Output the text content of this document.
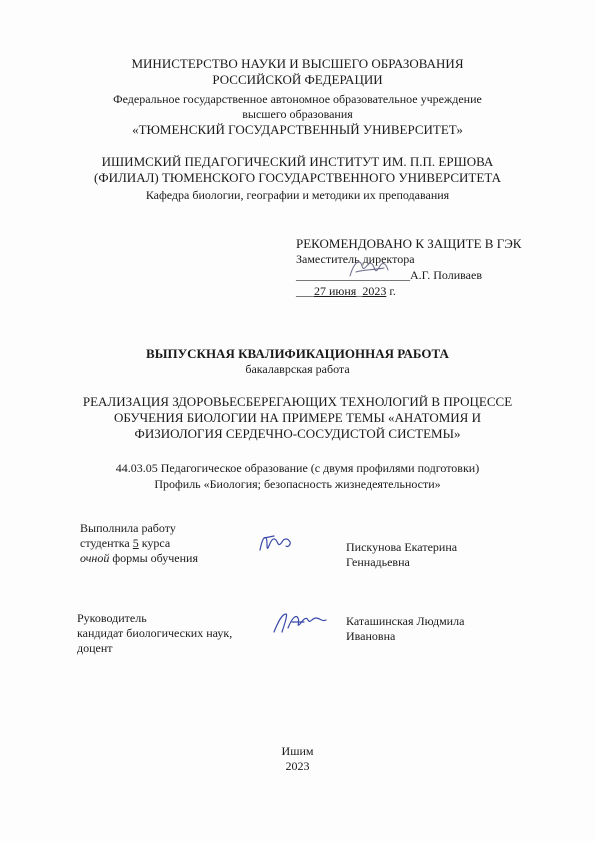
МИНИСТЕРСТВО НАУКИ И ВЫСШЕГО ОБРАЗОВАНИЯ
РОССИЙСКОЙ ФЕДЕРАЦИИ
Федеральное государственное автономное образовательное учреждение
высшего образования
«ТЮМЕНСКИЙ ГОСУДАРСТВЕННЫЙ УНИВЕРСИТЕТ»
ИШИМСКИЙ ПЕДАГОГИЧЕСКИЙ ИНСТИТУТ ИМ. П.П. ЕРШОВА
(ФИЛИАЛ) ТЮМЕНСКОГО ГОСУДАРСТВЕННОГО УНИВЕРСИТЕТА
Кафедра биологии, географии и методики их преподавания
РЕКОМЕНДОВАНО К ЗАЩИТЕ В ГЭК
Заместитель директора
___________________А.Г. Поливаев
___27 июня_2023 г.
ВЫПУСКНАЯ КВАЛИФИКАЦИОННАЯ РАБОТА
бакалаврская работа
РЕАЛИЗАЦИЯ ЗДОРОВЬЕСБЕРЕГАЮЩИХ ТЕХНОЛОГИЙ В ПРОЦЕССЕ
ОБУЧЕНИЯ БИОЛОГИИ НА ПРИМЕРЕ ТЕМЫ «АНАТОМИЯ И
ФИЗИОЛОГИЯ СЕРДЕЧНО-СОСУДИСТОЙ СИСТЕМЫ»
44.03.05 Педагогическое образование (с двумя профилями подготовки)
Профиль «Биология; безопасность жизнедеятельности»
Выполнила работу
студентка 5 курса
очной формы обучения
Пискунова Екатерина
Геннадьевна
Руководитель
кандидат биологических наук,
доцент
Каташинская Людмила
Ивановна
Ишим
2023
